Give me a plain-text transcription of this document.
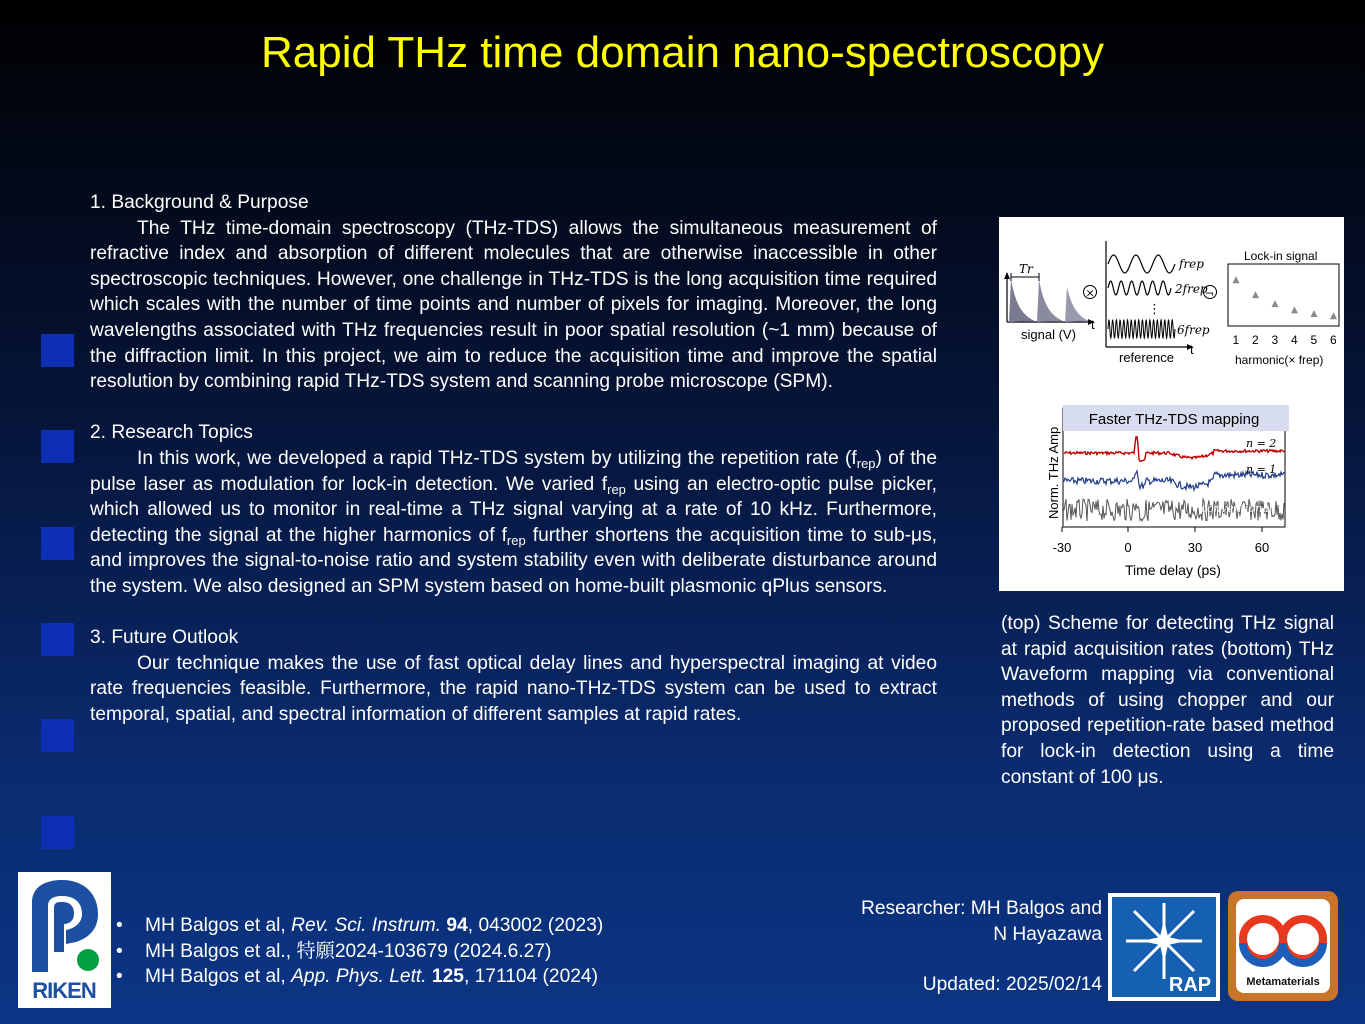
Rapid THz time domain nano-spectroscopy

1. Background & Purpose

The THz time-domain spectroscopy (THz-TDS) allows the simultaneous measurement of refractive index and absorption of different molecules that are otherwise inaccessible in other spectroscopic techniques. However, one challenge in THz-TDS is the long acquisition time required which scales with the number of time points and number of pixels for imaging. Moreover, the long wavelengths associated with THz frequencies result in poor spatial resolution (~1 mm) because of the diffraction limit. In this project, we aim to reduce the acquisition time and improve the spatial resolution by combining rapid THz-TDS system and scanning probe microscope (SPM).

2. Research Topics

In this work, we developed a rapid THz-TDS system by utilizing the repetition rate $(f_{rep})$ of the pulse laser as modulation for lock-in detection. We varied $f_{rep}$ using an electro-optic pulse picker, which allowed us to monitor in real-time a THz signal varying at a rate of 10 kHz. Furthermore, detecting the signal at the higher harmonics of $f_{rep}$ further shortens the acquisition time to sub-μs, and improves the signal-to-noise ratio and system stability even with deliberate disturbance around the system. We also designed an SPM system based on home-built plasmonic qPlus sensors.

3. Future Outlook

Our technique makes the use of fast optical delay lines and hyperspectral imaging at video rate frequencies feasible. Furthermore, the rapid nano-THz-TDS system can be used to extract temporal, spatial, and spectral information of different samples at rapid rates.

Tr
t
signal (V)
×
⋮
frep
2frep
6frep
t
reference
¬
Lock-in signal
1 2 3 4 5 6
harmonic(× frep)
Faster THz-TDS mapping
n = 2
n = 1
conventional
Norm. THz Amp
-30	0	30	60
Time delay (ps)
(top) Scheme for detecting THz signal at rapid acquisition rates (bottom) THz Waveform mapping via conventional methods of using chopper and our proposed repetition-rate based method for lock-in detection using a time constant of 100 μs.
RIKEN
• MH Balgos et al, Rev. Sci. Instrum. 94, 043002 (2023)
• MH Balgos et al., 特願2024-103679 (2024.6.27)
• MH Balgos et al, App. Phys. Lett. 125, 171104 (2024)
Researcher: MH Balgos and
N Hayazawa
Updated: 2025/02/14	RAP	Metamaterials
